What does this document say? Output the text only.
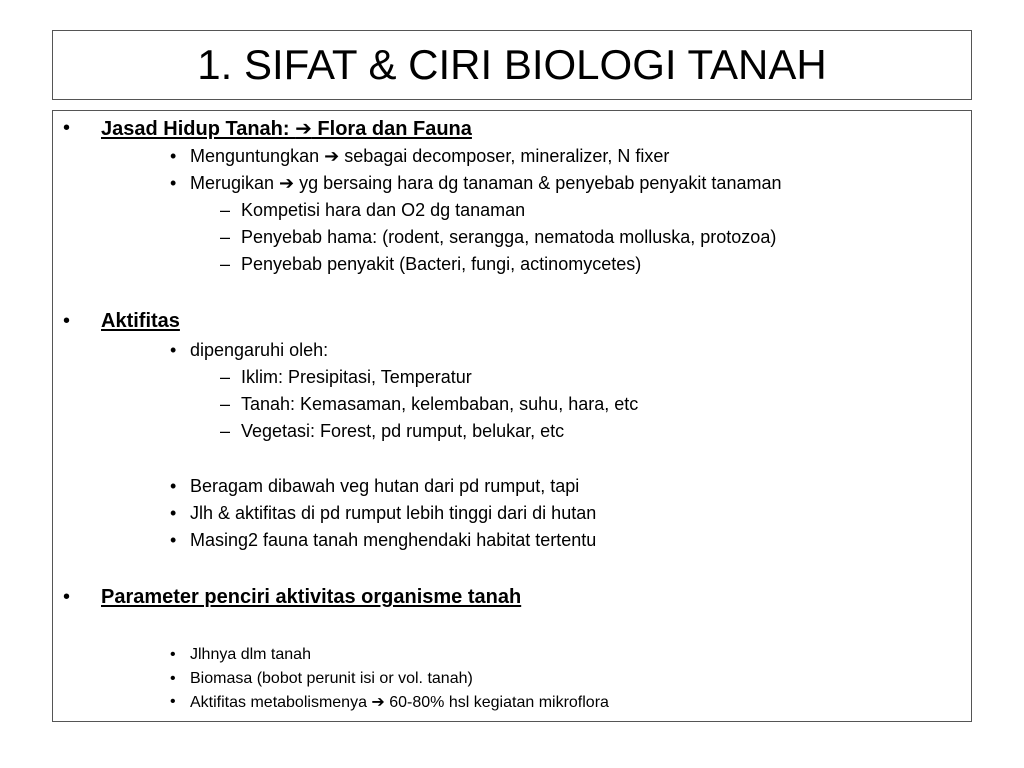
1. SIFAT & CIRI BIOLOGI TANAH
• Jasad Hidup Tanah: ➔ Flora dan Fauna
• Menguntungkan ➔ sebagai decomposer, mineralizer, N fixer
• Merugikan ➔ yg bersaing hara dg tanaman & penyebab penyakit tanaman
– Kompetisi hara dan O2 dg tanaman
– Penyebab hama: (rodent, serangga, nematoda molluska, protozoa)
– Penyebab penyakit (Bacteri, fungi, actinomycetes)
• Aktifitas
• dipengaruhi oleh:
– Iklim: Presipitasi, Temperatur
– Tanah: Kemasaman, kelembaban, suhu, hara, etc
– Vegetasi: Forest, pd rumput, belukar, etc
• Beragam dibawah veg hutan dari pd rumput, tapi
• Jlh & aktifitas di pd rumput lebih tinggi dari di hutan
• Masing2 fauna tanah menghendaki habitat tertentu
• Parameter penciri aktivitas organisme tanah
• Jlhnya dlm tanah
• Biomasa (bobot perunit isi or vol. tanah)
• Aktifitas metabolismenya ➔ 60-80% hsl kegiatan mikroflora
